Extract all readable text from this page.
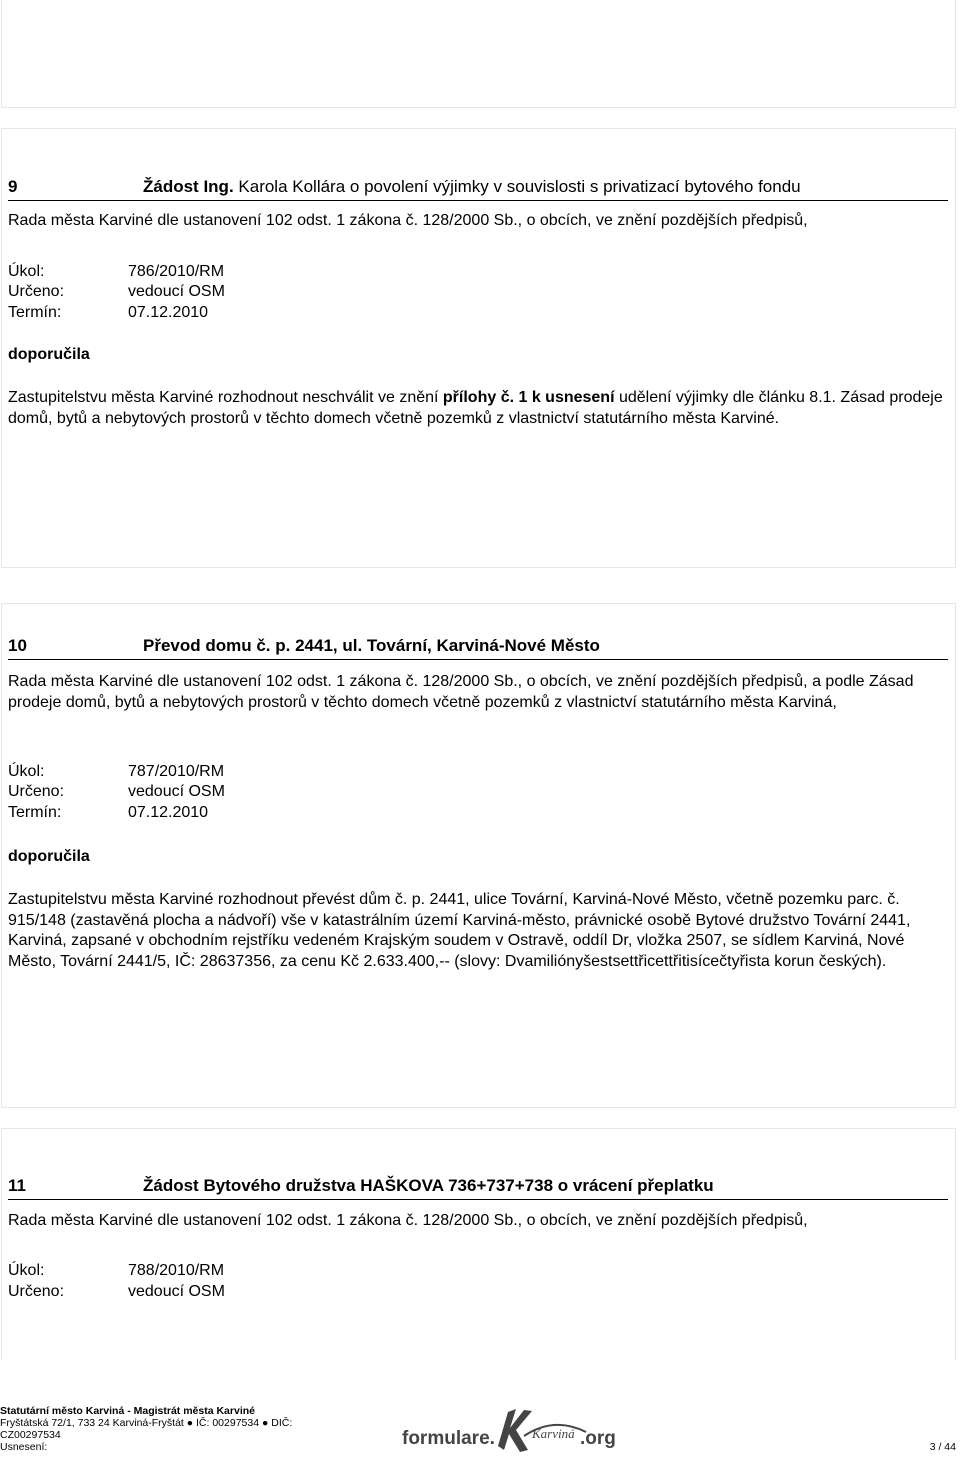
9	Žádost Ing. Karola Kollára o povolení výjimky v souvislosti s privatizací bytového fondu
Rada města Karviné dle ustanovení 102 odst. 1 zákona č. 128/2000 Sb., o obcích, ve znění pozdějších předpisů,
Úkol:	786/2010/RM
Určeno:	vedoucí OSM
Termín:	07.12.2010
doporučila
Zastupitelstvu města Karviné rozhodnout neschválit ve znění přílohy č. 1 k usnesení udělení výjimky dle článku 8.1. Zásad prodeje domů, bytů a nebytových prostorů v těchto domech včetně pozemků z vlastnictví statutárního města Karviné.
10	Převod domu č. p. 2441, ul. Tovární, Karviná-Nové Město
Rada města Karviné dle ustanovení 102 odst. 1 zákona č. 128/2000 Sb., o obcích, ve znění pozdějších předpisů, a podle Zásad prodeje domů, bytů a nebytových prostorů v těchto domech včetně pozemků z vlastnictví statutárního města Karviná,
Úkol:	787/2010/RM
Určeno:	vedoucí OSM
Termín:	07.12.2010
doporučila
Zastupitelstvu města Karviné rozhodnout převést dům č. p. 2441, ulice Tovární, Karviná-Nové Město, včetně pozemku parc. č. 915/148 (zastavěná plocha a nádvoří) vše v katastrálním území Karviná-město, právnické osobě Bytové družstvo Tovární 2441, Karviná, zapsané v obchodním rejstříku vedeném Krajským soudem v Ostravě, oddíl Dr, vložka 2507, se sídlem Karviná, Nové Město, Tovární 2441/5, IČ: 28637356, za cenu Kč 2.633.400,-- (slovy: Dvamiliónyšestsettřicettřitisícečtyřista korun českých).
11	Žádost Bytového družstva HAŠKOVA 736+737+738 o vrácení přeplatku
Rada města Karviné dle ustanovení 102 odst. 1 zákona č. 128/2000 Sb., o obcích, ve znění pozdějších předpisů,
Úkol:	788/2010/RM
Určeno:	vedoucí OSM
Statutární město Karviná - Magistrát města Karviné
Fryštátská 72/1, 733 24 Karviná-Fryštát ● IČ: 00297534 ● DIČ:
CZ00297534
Usnesení:	formulare.	Karviná .org	3 / 44
